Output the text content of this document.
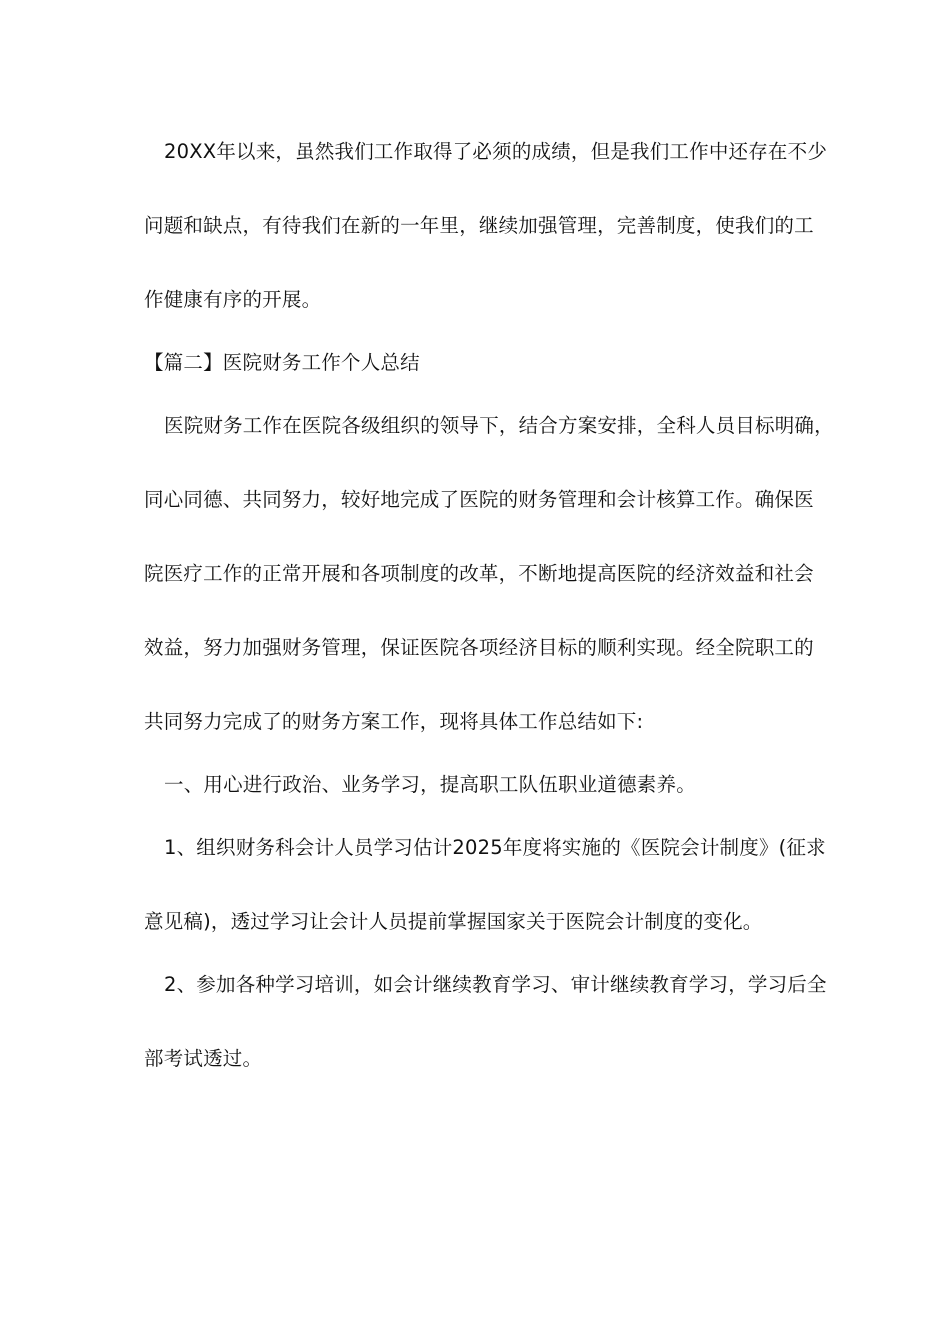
20XX年以来，虽然我们工作取得了必须的成绩，但是我们工作中还存在不少
问题和缺点，有待我们在新的一年里，继续加强管理，完善制度，使我们的工
作健康有序的开展。
【篇二】医院财务工作个人总结
医院财务工作在医院各级组织的领导下，结合方案安排，全科人员目标明确，
同心同德、共同努力，较好地完成了医院的财务管理和会计核算工作。确保医
院医疗工作的正常开展和各项制度的改革，不断地提高医院的经济效益和社会
效益，努力加强财务管理，保证医院各项经济目标的顺利实现。经全院职工的
共同努力完成了的财务方案工作，现将具体工作总结如下:
一、用心进行政治、业务学习，提高职工队伍职业道德素养。
1、组织财务科会计人员学习估计2025年度将实施的《医院会计制度》(征求
意见稿)，透过学习让会计人员提前掌握国家关于医院会计制度的变化。
2、参加各种学习培训，如会计继续教育学习、审计继续教育学习，学习后全
部考试透过。
